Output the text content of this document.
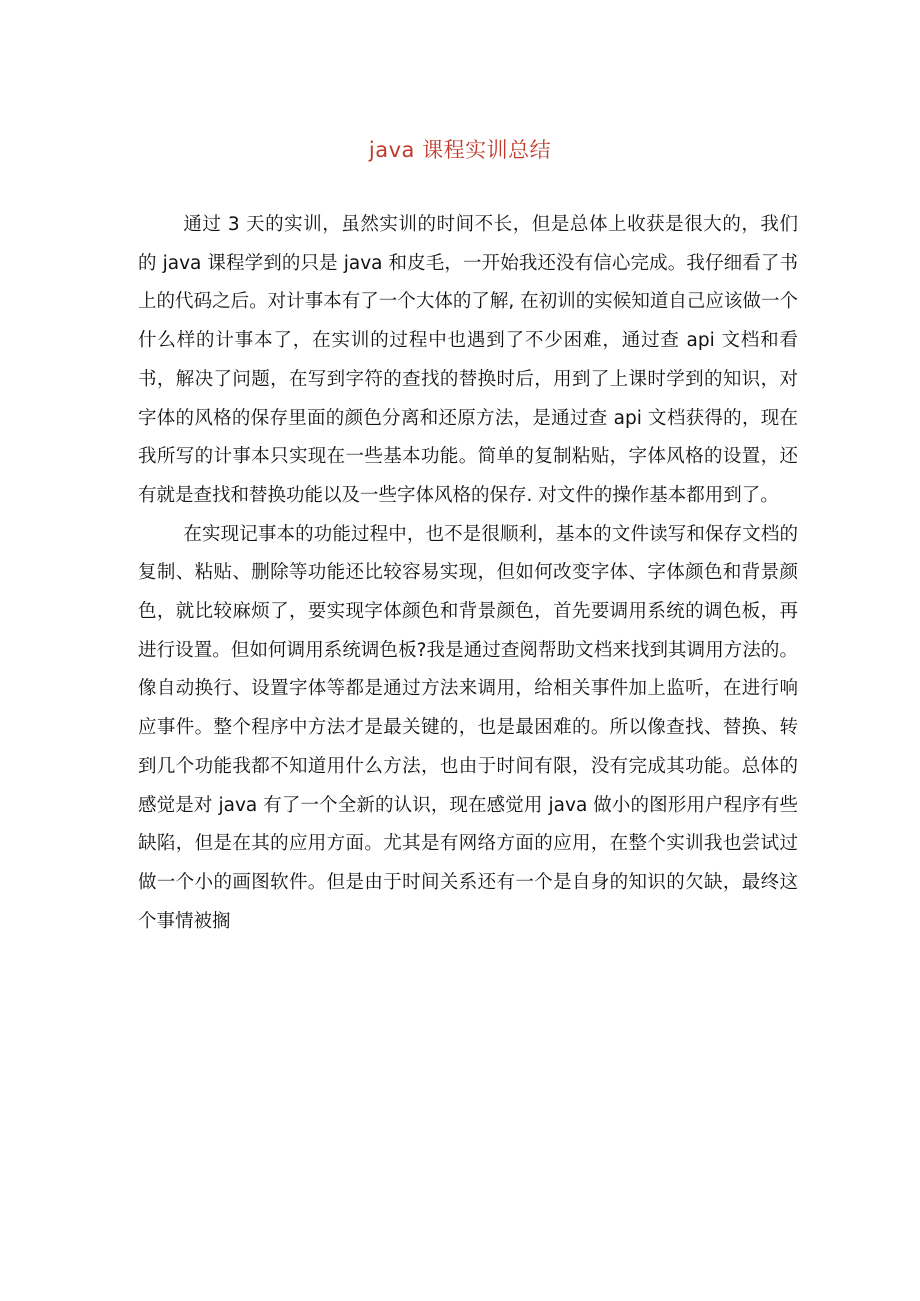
java 课程实训总结

通过 3 天的实训，虽然实训的时间不长，但是总体上收获是很大的，我们的 java 课程学到的只是 java 和皮毛，一开始我还没有信心完成。我仔细看了书上的代码之后。对计事本有了一个大体的了解, 在初训的实候知道自己应该做一个什么样的计事本了，在实训的过程中也遇到了不少困难，通过查 api 文档和看书，解决了问题，在写到字符的查找的替换时后，用到了上课时学到的知识，对字体的风格的保存里面的颜色分离和还原方法，是通过查 api 文档获得的，现在我所写的计事本只实现在一些基本功能。简单的复制粘贴，字体风格的设置，还有就是查找和替换功能以及一些字体风格的保存. 对文件的操作基本都用到了。

在实现记事本的功能过程中，也不是很顺利，基本的文件读写和保存文档的复制、粘贴、删除等功能还比较容易实现，但如何改变字体、字体颜色和背景颜色，就比较麻烦了，要实现字体颜色和背景颜色，首先要调用系统的调色板，再进行设置。但如何调用系统调色板?我是通过查阅帮助文档来找到其调用方法的。像自动换行、设置字体等都是通过方法来调用，给相关事件加上监听，在进行响应事件。整个程序中方法才是最关键的，也是最困难的。所以像查找、替换、转到几个功能我都不知道用什么方法，也由于时间有限，没有完成其功能。总体的感觉是对 java 有了一个全新的认识，现在感觉用 java 做小的图形用户程序有些缺陷，但是在其的应用方面。尤其是有网络方面的应用，在整个实训我也尝试过做一个小的画图软件。但是由于时间关系还有一个是自身的知识的欠缺，最终这个事情被搁
